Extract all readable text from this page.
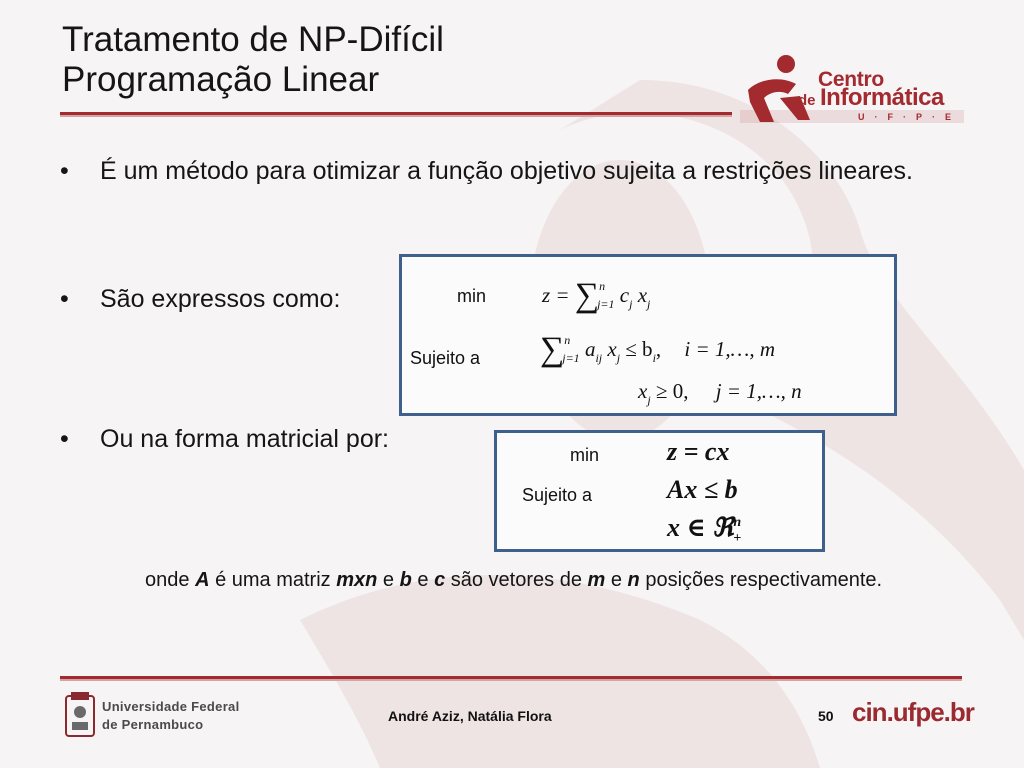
Tratamento de NP-Difícil
Programação Linear	Centro
de Informática
U·F·P·E
• É um método para otimizar a função objetivo sujeita a restrições lineares.
• São expressos como:	min
Sujeito a
z = ∑$^n_{j=1}$ $c_j$ $x_j$
∑$^n_{j=1}$ $a_{ij}$ $x_j \le b_i$, i = 1,…, m
$x_j \ge 0$, j = 1,…, n
• Ou na forma matricial por:
min
Sujeito a
z = cx
Ax ≤ b
x ∈ ℜ$^n_+$
onde A é uma matriz mxn e b e c são vetores de m e n posições respectivamente.
Universidade Federal
de Pernambuco
André Aziz, Natália Flora	50 cin.ufpe.br
